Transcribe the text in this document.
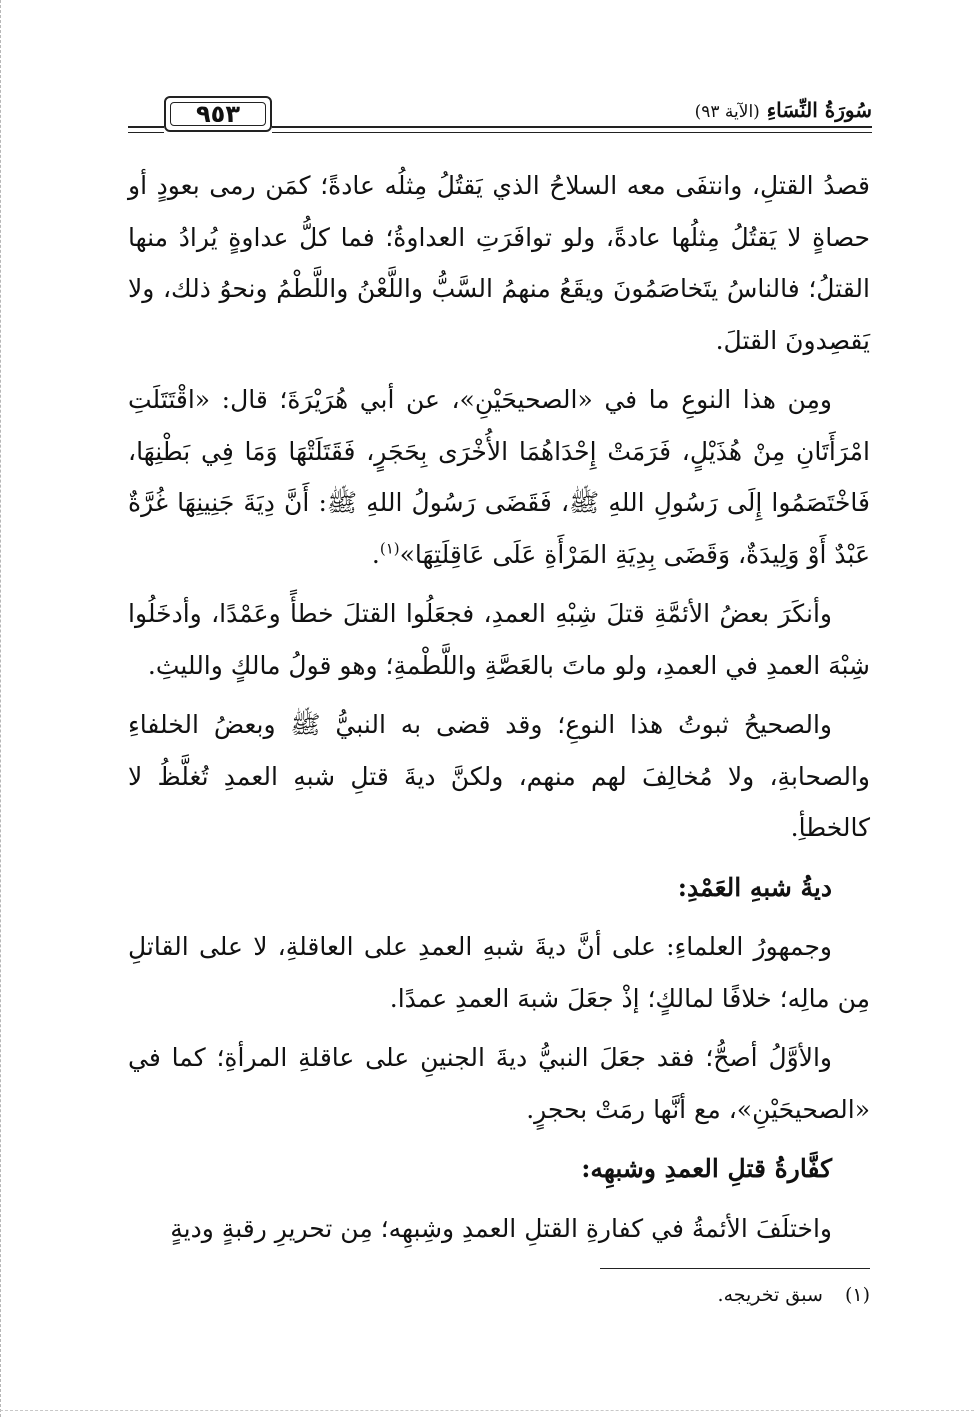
٩٥٣	سُورَةُ النِّسَاءِ (الآية ٩٣)

قصدُ القتلِ، وانتفَى معه السلاحُ الذي يَقتُلُ مِثلُه عادةً؛ كمَن رمى بعودٍ أو حصاةٍ لا يَقتُلُ مِثلُها عادةً، ولو توافَرَتِ العداوةُ؛ فما كلُّ عداوةٍ يُرادُ منها القتلُ؛ فالناسُ يتَخاصَمُونَ ويقَعُ منهمُ السَّبُّ واللَّعْنُ واللَّطْمُ ونحوُ ذلك، ولا يَقصِدونَ القتلَ.

ومِن هذا النوعِ ما في «الصحيحَيْنِ»، عن أبي هُرَيْرَةَ؛ قال: «اقْتَتَلَتِ امْرَأَتَانِ مِنْ هُذَيْلٍ، فَرَمَتْ إِحْدَاهُمَا الأُخْرَى بِحَجَرٍ، فَقَتَلَتْهَا وَمَا فِي بَطْنِهَا، فَاخْتَصَمُوا إِلَى رَسُولِ اللهِ ﷺ، فَقَضَى رَسُولُ اللهِ ﷺ: أَنَّ دِيَةَ جَنِينِهَا غُرَّةٌ عَبْدٌ أَوْ وَلِيدَةٌ، وَقَضَى بِدِيَةِ المَرْأَةِ عَلَى عَاقِلَتِهَا»$^{(١)}$.

وأنكَرَ بعضُ الأئمَّةِ قتلَ شِبْهِ العمدِ، فجعَلُوا القتلَ خطأً وعَمْدًا، وأدخَلُوا شِبْهَ العمدِ في العمدِ، ولو ماتَ بالعَصَّةِ واللَّطْمةِ؛ وهو قولُ مالكٍ والليثِ.

والصحيحُ ثبوتُ هذا النوعِ؛ وقد قضى به النبيُّ ﷺ وبعضُ الخلفاءِ والصحابةِ، ولا مُخالِفَ لهم منهم، ولكنَّ ديةَ قتلِ شبهِ العمدِ تُغلَّظُ لا كالخطأِ.

ديةُ شبهِ العَمْدِ:

وجمهورُ العلماءِ: على أنَّ ديةَ شبهِ العمدِ على العاقلةِ، لا على القاتلِ مِن مالِه؛ خلافًا لمالكٍ؛ إذْ جعَلَ شبهَ العمدِ عمدًا.

والأوَّلُ أصحُّ؛ فقد جعَلَ النبيُّ ديةَ الجنينِ على عاقلةِ المرأةِ؛ كما في «الصحيحَيْنِ»، مع أنَّها رمَتْ بحجرٍ.

كفَّارةُ قتلِ العمدِ وشبهِه:

واختلَفَ الأئمةُ في كفارةِ القتلِ العمدِ وشِبهِه؛ مِن تحريرِ رقبةٍ وديةٍ

(١) سبق تخريجه.
